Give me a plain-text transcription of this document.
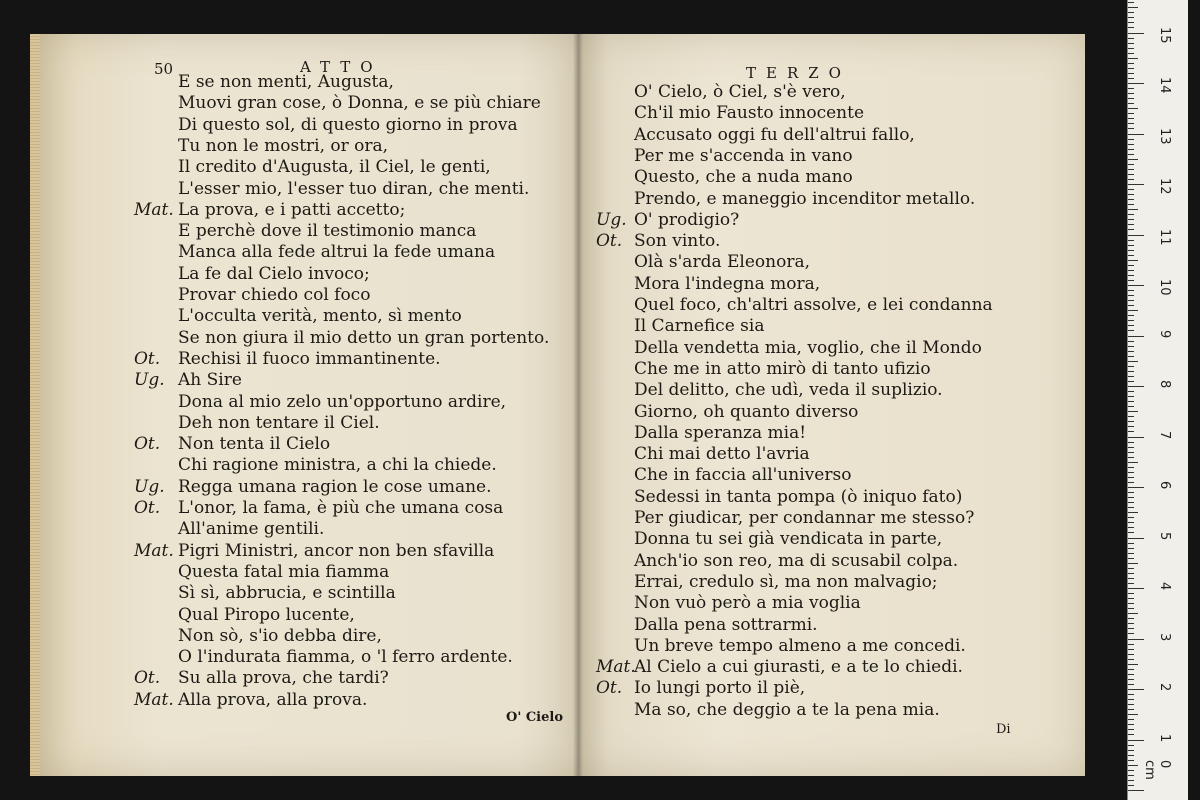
50	ATTO
E se non menti, Augusta,
Muovi gran cose, ò Donna, e se più chiare
Di questo sol, di questo giorno in prova
Tu non le mostri, or ora,
Il credito d'Augusta, il Ciel, le genti,
L'esser mio, l'esser tuo diran, che menti.
Mat. La prova, e i patti accetto;
E perchè dove il testimonio manca
Manca alla fede altrui la fede umana
La fe dal Cielo invoco;
Provar chiedo col foco
L'occulta verità, mento, sì mento
Se non giura il mio detto un gran portento.
Ot. Rechisi il fuoco immantinente.
Ug. Ah Sire
Dona al mio zelo un'opportuno ardire,
Deh non tentare il Ciel.
Ot. Non tenta il Cielo
Chi ragione ministra, a chi la chiede.
Ug. Regga umana ragion le cose umane.
Ot. L'onor, la fama, è più che umana cosa
All'anime gentili.
Mat. Pigri Ministri, ancor non ben sfavilla
Questa fatal mia fiamma
Sì sì, abbrucia, e scintilla
Qual Piropo lucente,
Non sò, s'io debba dire,
O l'indurata fiamma, o 'l ferro ardente.
Ot. Su alla prova, che tardi?
Mat. Alla prova, alla prova.
O' Cielo
TERZO
O' Cielo, ò Ciel, s'è vero,
Ch'il mio Fausto innocente
Accusato oggi fu dell'altrui fallo,
Per me s'accenda in vano
Questo, che a nuda mano
Prendo, e maneggio incenditor metallo.
Ug. O' prodigio?
Ot. Son vinto.
Olà s'arda Eleonora,
Mora l'indegna mora,
Quel foco, ch'altri assolve, e lei condanna
Il Carnefice sia
Della vendetta mia, voglio, che il Mondo
Che me in atto mirò di tanto ufizio
Del delitto, che udì, veda il suplizio.
Giorno, oh quanto diverso
Dalla speranza mia!
Chi mai detto l'avria
Che in faccia all'universo
Sedessi in tanta pompa (ò iniquo fato)
Per giudicar, per condannar me stesso?
Donna tu sei già vendicata in parte,
Anch'io son reo, ma di scusabil colpa.
Errai, credulo sì, ma non malvagio;
Non vuò però a mia voglia
Dalla pena sottrarmi.
Un breve tempo almeno a me concedi.
Mat.
Al Cielo a cui giurasti, e a te lo chiedi.
Ot. Io lungi porto il piè,
Ma so, che deggio a te la pena mia.
Di
0 cm
1
2
3
4
5
6
7
8
9
10
11
12
13
14
15
